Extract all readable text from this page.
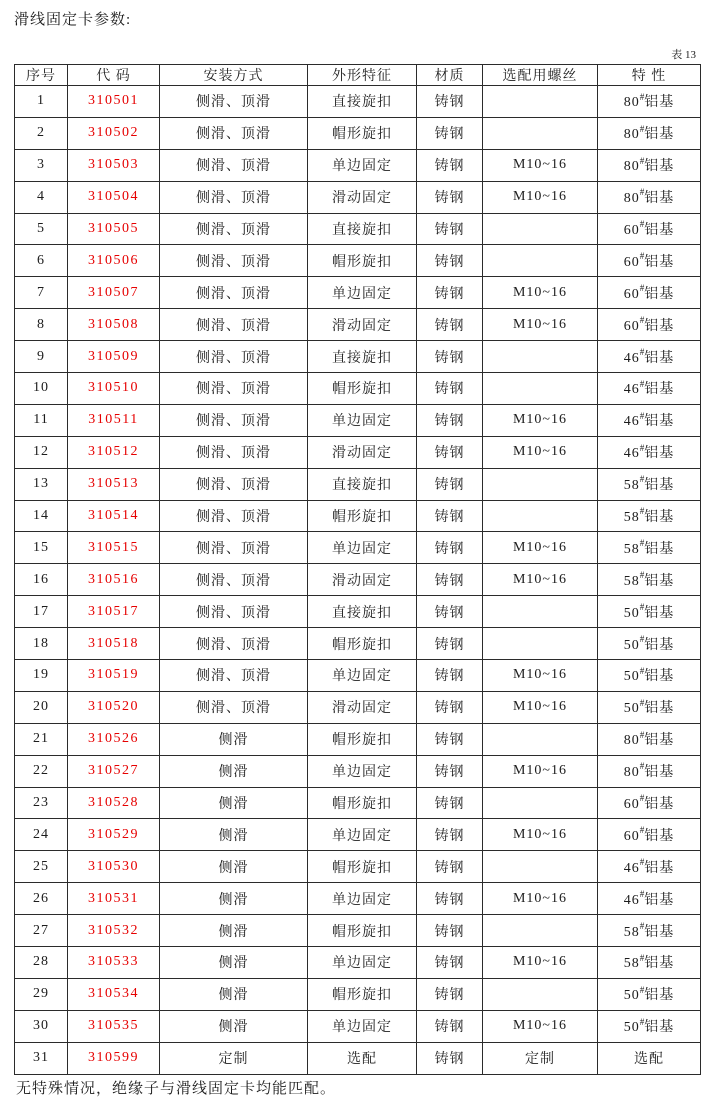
滑线固定卡参数:

表 13
序号	代 码	安装方式	外形特征	材质	选配用螺丝	特 性
1	310501	侧滑、顶滑	直接旋扣	铸钢		80#铝基
2	310502	侧滑、顶滑	帽形旋扣	铸钢		80#铝基
3	310503	侧滑、顶滑	单边固定	铸钢	M10~16	80#铝基
4	310504	侧滑、顶滑	滑动固定	铸钢	M10~16	80#铝基
5	310505	侧滑、顶滑	直接旋扣	铸钢		60#铝基
6	310506	侧滑、顶滑	帽形旋扣	铸钢		60#铝基
7	310507	侧滑、顶滑	单边固定	铸钢	M10~16	60#铝基
8	310508	侧滑、顶滑	滑动固定	铸钢	M10~16	60#铝基
9	310509	侧滑、顶滑	直接旋扣	铸钢		46#铝基
10	310510	侧滑、顶滑	帽形旋扣	铸钢		46#铝基
11	310511	侧滑、顶滑	单边固定	铸钢	M10~16	46#铝基
12	310512	侧滑、顶滑	滑动固定	铸钢	M10~16	46#铝基
13	310513	侧滑、顶滑	直接旋扣	铸钢		58#铝基
14	310514	侧滑、顶滑	帽形旋扣	铸钢		58#铝基
15	310515	侧滑、顶滑	单边固定	铸钢	M10~16	58#铝基
16	310516	侧滑、顶滑	滑动固定	铸钢	M10~16	58#铝基
17	310517	侧滑、顶滑	直接旋扣	铸钢		50#铝基
18	310518	侧滑、顶滑	帽形旋扣	铸钢		50#铝基
19	310519	侧滑、顶滑	单边固定	铸钢	M10~16	50#铝基
20	310520	侧滑、顶滑	滑动固定	铸钢	M10~16	50#铝基
21	310526	侧滑	帽形旋扣	铸钢		80#铝基
22	310527	侧滑	单边固定	铸钢	M10~16	80#铝基
23	310528	侧滑	帽形旋扣	铸钢		60#铝基
24	310529	侧滑	单边固定	铸钢	M10~16	60#铝基
25	310530	侧滑	帽形旋扣	铸钢		46#铝基
26	310531	侧滑	单边固定	铸钢	M10~16	46#铝基
27	310532	侧滑	帽形旋扣	铸钢		58#铝基
28	310533	侧滑	单边固定	铸钢	M10~16	58#铝基
29	310534	侧滑	帽形旋扣	铸钢		50#铝基
30	310535	侧滑	单边固定	铸钢	M10~16	50#铝基
31	310599	定制	选配	铸钢	定制	选配

无特殊情况，绝缘子与滑线固定卡均能匹配。
